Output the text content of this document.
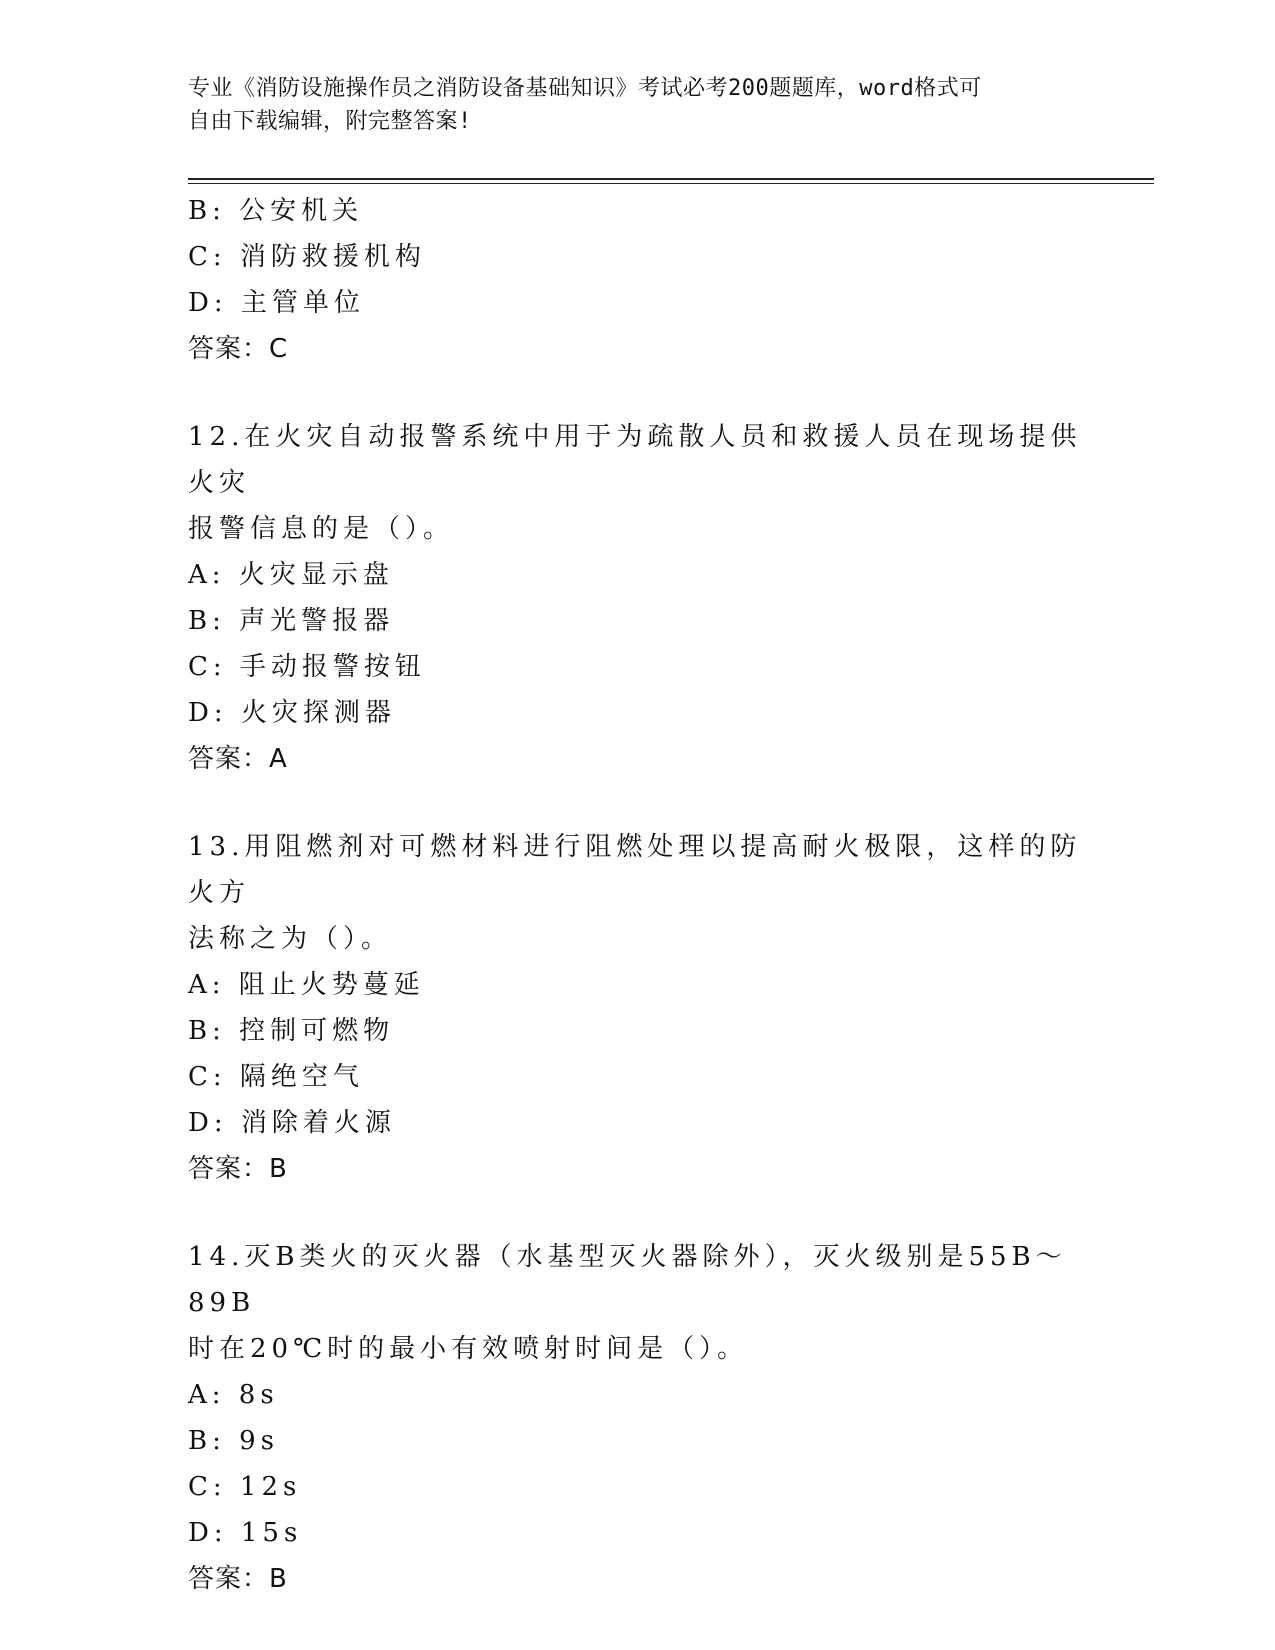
专业《消防设施操作员之消防设备基础知识》考试必考200题题库，word格式可
自由下载编辑，附完整答案!
B: 公安机关
C: 消防救援机构
D: 主管单位
答案：C
12.在火灾自动报警系统中用于为疏散人员和救援人员在现场提供火灾
报警信息的是（）。
A: 火灾显示盘
B: 声光警报器
C: 手动报警按钮
D: 火灾探测器
答案：A
13.用阻燃剂对可燃材料进行阻燃处理以提高耐火极限，这样的防火方
法称之为（）。
A: 阻止火势蔓延
B: 控制可燃物
C: 隔绝空气
D: 消除着火源
答案：B
14.灭B类火的灭火器（水基型灭火器除外），灭火级别是55B～89B
时在20℃时的最小有效喷射时间是（）。
A: 8s
B: 9s
C: 12s
D: 15s
答案：B
